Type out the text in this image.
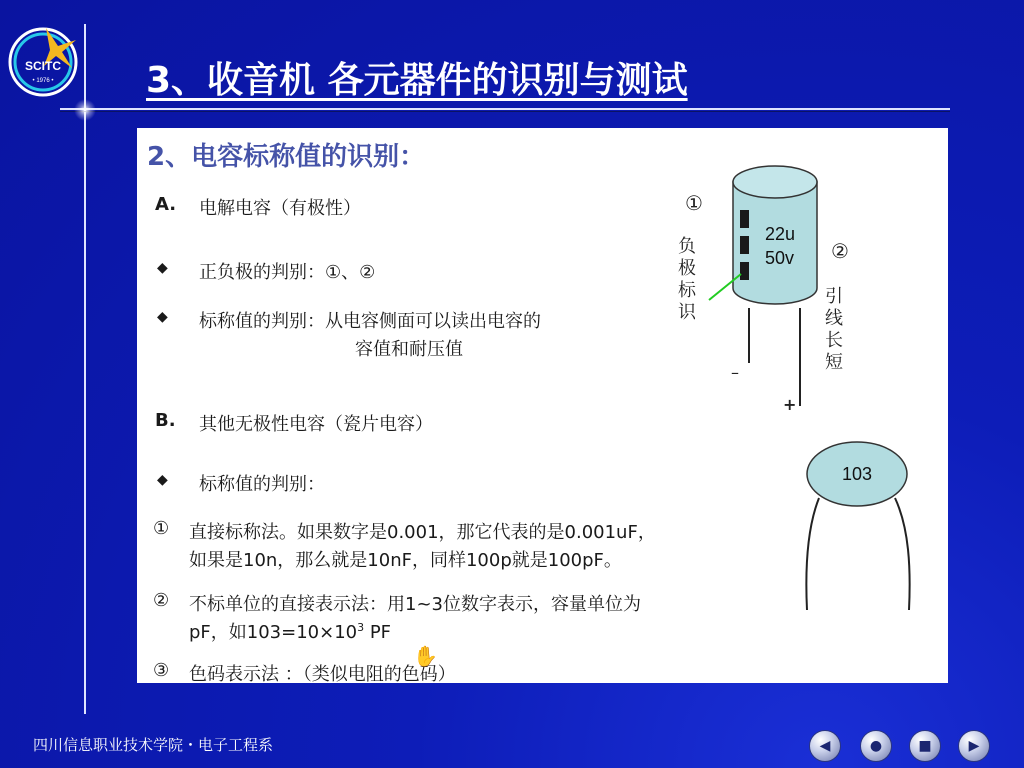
SCITC
• 1976 •	3、收音机 各元器件的识别与测试
2、电容标称值的识别：
A. 电解电容（有极性）
◆ 正负极的判别：①、②
◆ 标称值的判别：从电容侧面可以读出电容的
容值和耐压值
B. 其他无极性电容（瓷片电容）
◆ 标称值的判别：
① 直接标称法。如果数字是0.001，那它代表的是0.001uF，
如果是10n，那么就是10nF，同样100p就是100pF。
② 不标单位的直接表示法：用1~3位数字表示，容量单位为
pF，如$103=10\times 10^3$ PF
③ 色码表示法 ：（类似电阻的色码）
22u
50v
①
②
–
+
负极标识
引线长短
103
✋
四川信息职业技术学院・电子工程系	◀	●	■	▶
